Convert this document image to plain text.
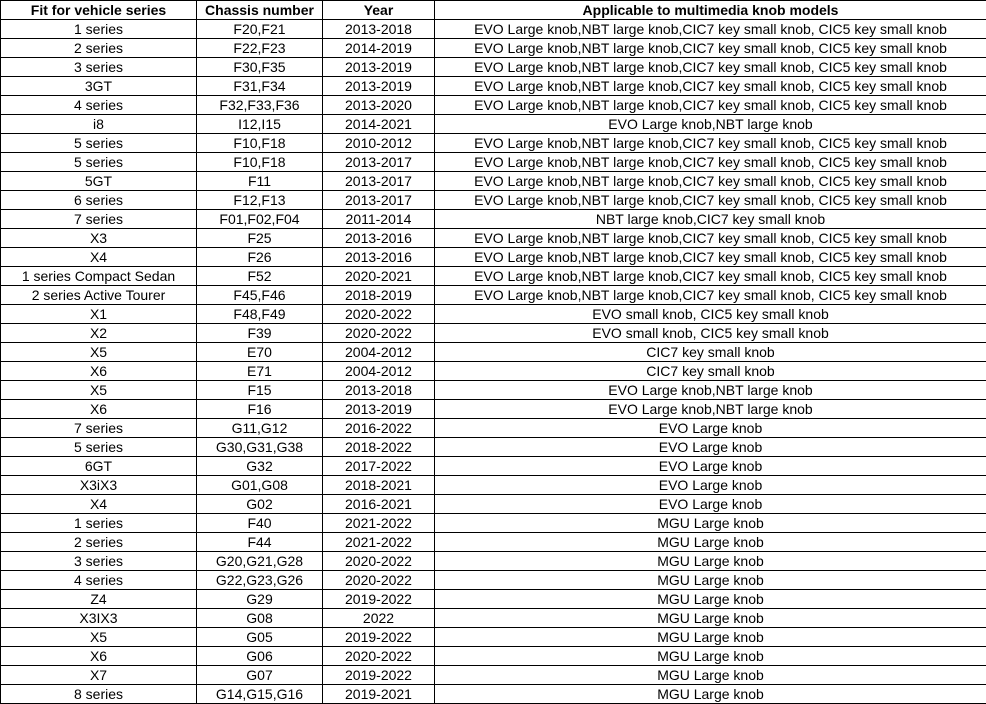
Fit for vehicle series	Chassis number	Year	Applicable to multimedia knob models
1 series	F20,F21	2013-2018	EVO Large knob,NBT large knob,CIC7 key small knob, CIC5 key small knob
2 series	F22,F23	2014-2019	EVO Large knob,NBT large knob,CIC7 key small knob, CIC5 key small knob
3 series	F30,F35	2013-2019	EVO Large knob,NBT large knob,CIC7 key small knob, CIC5 key small knob
3GT	F31,F34	2013-2019	EVO Large knob,NBT large knob,CIC7 key small knob, CIC5 key small knob
4 series	F32,F33,F36	2013-2020	EVO Large knob,NBT large knob,CIC7 key small knob, CIC5 key small knob
i8	I12,I15	2014-2021	EVO Large knob,NBT large knob
5 series	F10,F18	2010-2012	EVO Large knob,NBT large knob,CIC7 key small knob, CIC5 key small knob
5 series	F10,F18	2013-2017	EVO Large knob,NBT large knob,CIC7 key small knob, CIC5 key small knob
5GT	F11	2013-2017	EVO Large knob,NBT large knob,CIC7 key small knob, CIC5 key small knob
6 series	F12,F13	2013-2017	EVO Large knob,NBT large knob,CIC7 key small knob, CIC5 key small knob
7 series	F01,F02,F04	2011-2014	NBT large knob,CIC7 key small knob
X3	F25	2013-2016	EVO Large knob,NBT large knob,CIC7 key small knob, CIC5 key small knob
X4	F26	2013-2016	EVO Large knob,NBT large knob,CIC7 key small knob, CIC5 key small knob
1 series Compact Sedan	F52	2020-2021	EVO Large knob,NBT large knob,CIC7 key small knob, CIC5 key small knob
2 series Active Tourer	F45,F46	2018-2019	EVO Large knob,NBT large knob,CIC7 key small knob, CIC5 key small knob
X1	F48,F49	2020-2022	EVO small knob, CIC5 key small knob
X2	F39	2020-2022	EVO small knob, CIC5 key small knob
X5	E70	2004-2012	CIC7 key small knob
X6	E71	2004-2012	CIC7 key small knob
X5	F15	2013-2018	EVO Large knob,NBT large knob
X6	F16	2013-2019	EVO Large knob,NBT large knob
7 series	G11,G12	2016-2022	EVO Large knob
5 series	G30,G31,G38	2018-2022	EVO Large knob
6GT	G32	2017-2022	EVO Large knob
X3iX3	G01,G08	2018-2021	EVO Large knob
X4	G02	2016-2021	EVO Large knob
1 series	F40	2021-2022	MGU Large knob
2 series	F44	2021-2022	MGU Large knob
3 series	G20,G21,G28	2020-2022	MGU Large knob
4 series	G22,G23,G26	2020-2022	MGU Large knob
Z4	G29	2019-2022	MGU Large knob
X3IX3	G08	2022	MGU Large knob
X5	G05	2019-2022	MGU Large knob
X6	G06	2020-2022	MGU Large knob
X7	G07	2019-2022	MGU Large knob
8 series	G14,G15,G16	2019-2021	MGU Large knob
